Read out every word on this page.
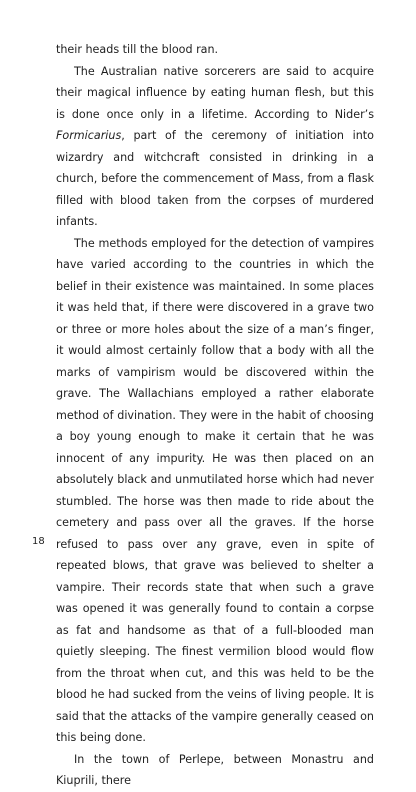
their heads till the blood ran.

The Australian native sorcerers are said to acquire their magical influence by eating human flesh, but this is done once only in a lifetime. According to Nider’s Formicarius, part of the ceremony of initiation into wizardry and witchcraft consisted in drinking in a church, before the commencement of Mass, from a flask filled with blood taken from the corpses of murdered infants.

The methods employed for the detection of vampires have varied according to the countries in which the belief in their existence was maintained. In some places it was held that, if there were discovered in a grave two or three or more holes about the size of a man’s finger, it would almost certainly follow that a body with all the marks of vampirism would be discovered within the grave. The Wallachians employed a rather elaborate method of divination. They were in the habit of choosing a boy young enough to make it certain that he was innocent of any impurity. He was then placed on an absolutely black and unmutilated horse which had never stumbled. The horse was then made to ride about the cemetery and pass over all the graves. If the horse refused to pass over any grave, even in spite of repeated blows, that grave was believed to shelter a vampire. Their records state that when such a grave was opened it was generally found to contain a corpse as fat and handsome as that of a full-blooded man quietly sleeping. The finest vermilion blood would flow from the throat when cut, and this was held to be the blood he had sucked from the veins of living people. It is said that the attacks of the vampire generally ceased on this being done.

In the town of Perlepe, between Monastru and Kiuprili, there

18
